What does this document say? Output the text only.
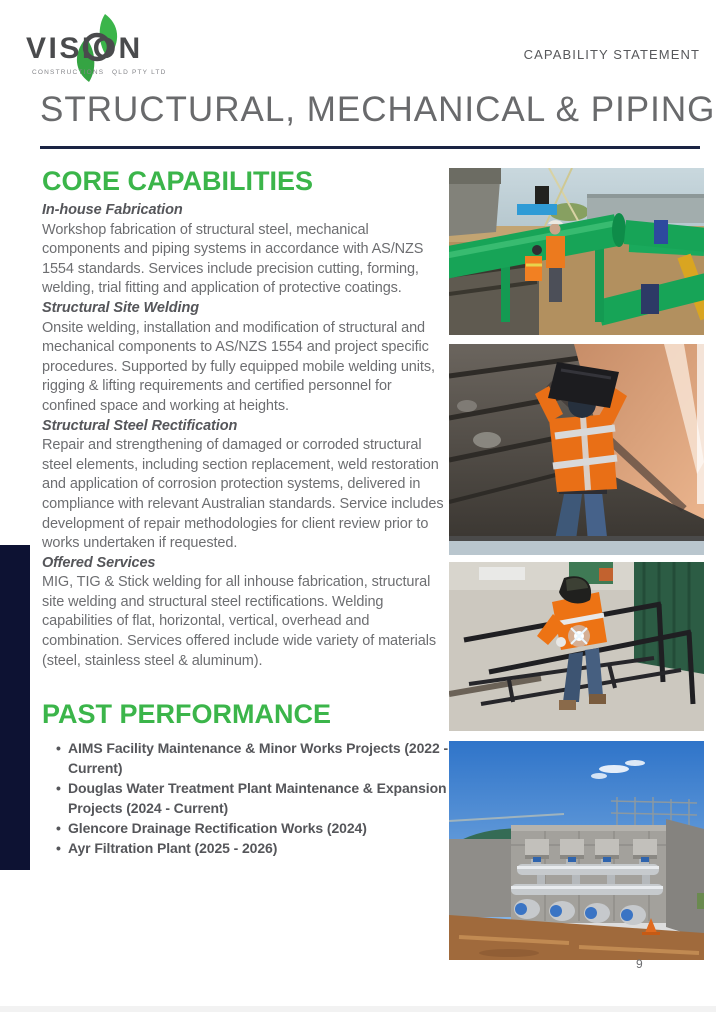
VISION
CONSTRUCTIONS QLD PTY LTD
CAPABILITY STATEMENT
STRUCTURAL, MECHANICAL & PIPING
CORE CAPABILITIES
In-house Fabrication
Workshop fabrication of structural steel, mechanical components and piping systems in accordance with AS/NZS 1554 standards. Services include precision cutting, forming, welding, trial fitting and application of protective coatings.
Structural Site Welding
Onsite welding, installation and modification of structural and mechanical components to AS/NZS 1554 and project specific procedures. Supported by fully equipped mobile welding units, rigging & lifting requirements and certified personnel for confined space and working at heights.
Structural Steel Rectification
Repair and strengthening of damaged or corroded structural steel elements, including section replacement, weld restoration and application of corrosion protection systems, delivered in compliance with relevant Australian standards. Service includes development of repair methodologies for client review prior to works undertaken if requested.
Offered Services
MIG, TIG & Stick welding for all inhouse fabrication, structural site welding and structural steel rectifications. Welding capabilities of flat, horizontal, vertical, overhead and combination. Services offered include wide variety of materials (steel, stainless steel & aluminum).
PAST PERFORMANCE
• AIMS Facility Maintenance & Minor Works Projects (2022 - Current)
• Douglas Water Treatment Plant Maintenance & Expansion Projects (2024 - Current)
• Glencore Drainage Rectification Works (2024)
• Ayr Filtration Plant (2025 - 2026)
9
